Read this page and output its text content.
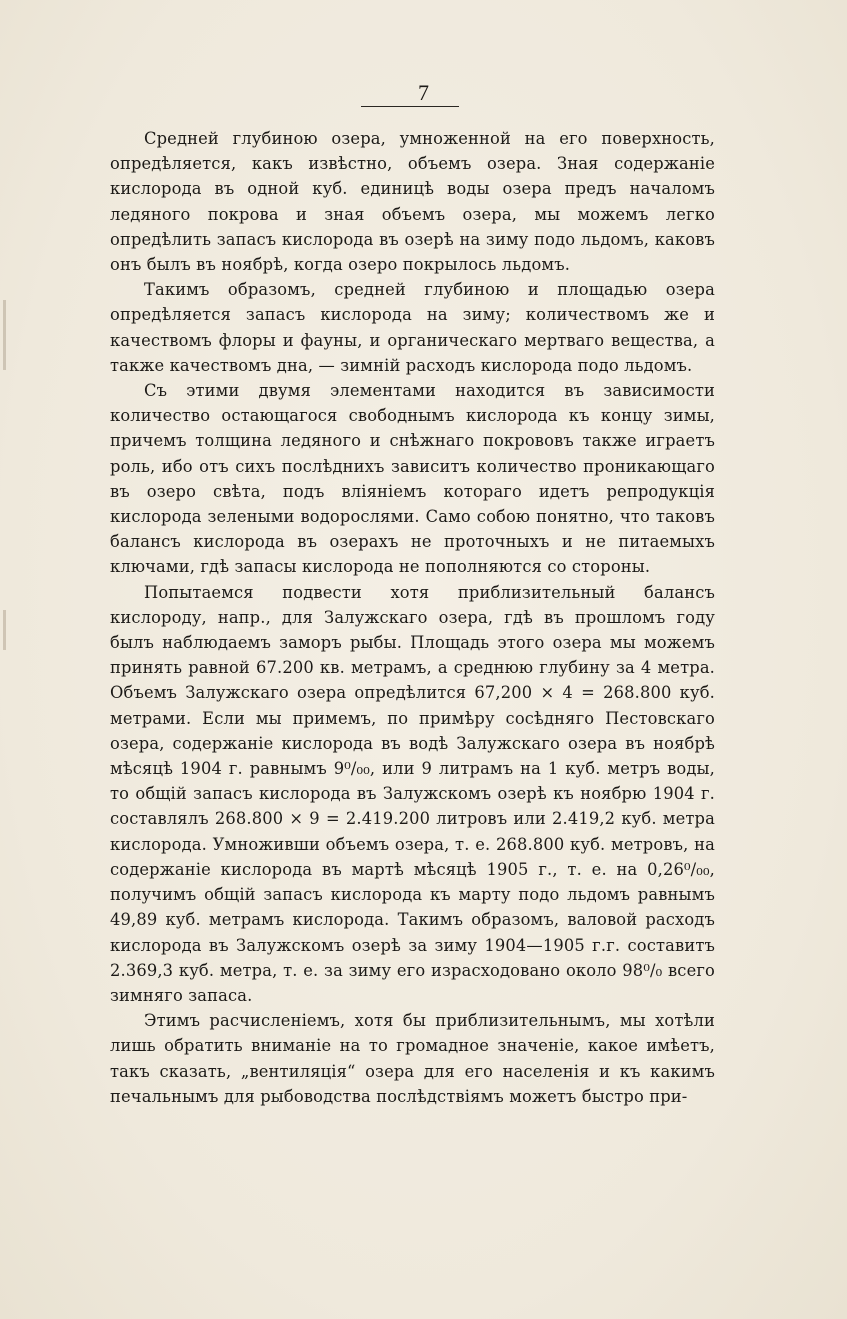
7

Средней глубиною озера, умноженной на его поверхность, опредѣляется, какъ извѣстно, объемъ озера. Зная содержанiе кислорода въ одной куб. единицѣ воды озера предъ началомъ ледяного покрова и зная объемъ озера, мы можемъ легко опредѣлить запасъ кислорода въ озерѣ на зиму подо льдомъ, каковъ онъ былъ въ ноябрѣ, когда озеро покрылось льдомъ.

Такимъ образомъ, средней глубиною и площадью озера опредѣляется запасъ кислорода на зиму; количествомъ же и качествомъ флоры и фауны, и органическаго мертваго вещества, а также качествомъ дна, — зимнiй расходъ кислорода подо льдомъ.

Съ этими двумя элементами находится въ зависимости количество остающагося свободнымъ кислорода къ концу зимы, причемъ толщина ледяного и снѣжнаго покрововъ также играетъ роль, ибо отъ сихъ послѣднихъ зависитъ количество проникающаго въ озеро свѣта, подъ влiянiемъ котораго идетъ репродукцiя кислорода зелеными водорослями. Само собою понятно, что таковъ балансъ кислорода въ озерахъ не проточныхъ и не питаемыхъ ключами, гдѣ запасы кислорода не пополняются со стороны.

Попытаемся подвести хотя приблизительный балансъ кислороду, напр., для Залужскаго озера, гдѣ въ прошломъ году былъ наблюдаемъ заморъ рыбы. Площадь этого озера мы можемъ принять равной 67.200 кв. метрамъ, а среднюю глубину за 4 метра. Объемъ Залужскаго озера опредѣлится 67,200 × 4 = 268.800 куб. метрами. Если мы примемъ, по примѣру сосѣдняго Пестовскаго озера, содержанiе кислорода въ водѣ Залужскаго озера въ ноябрѣ мѣсяцѣ 1904 г. равнымъ 9⁰/₀₀, или 9 литрамъ на 1 куб. метръ воды, то общiй запасъ кислорода въ Залужскомъ озерѣ къ ноябрю 1904 г. составлялъ 268.800 × 9 = 2.419.200 литровъ или 2.419,2 куб. метра кислорода. Умноживши объемъ озера, т. е. 268.800 куб. метровъ, на содержанiе кислорода въ мартѣ мѣсяцѣ 1905 г., т. е. на 0,26⁰/₀₀, получимъ общiй запасъ кислорода къ марту подо льдомъ равнымъ 49,89 куб. метрамъ кислорода. Такимъ образомъ, валовой расходъ кислорода въ Залужскомъ озерѣ за зиму 1904—1905 г.г. составитъ 2.369,3 куб. метра, т. е. за зиму его израсходовано около 98⁰/₀ всего зимняго запаса.

Этимъ расчисленiемъ, хотя бы приблизительнымъ, мы хотѣли лишь обратить вниманiе на то громадное значенiе, какое имѣетъ, такъ сказать, „вентиляцiя“ озера для его населенiя и къ какимъ печальнымъ для рыбоводства послѣдствiямъ можетъ быстро при-
